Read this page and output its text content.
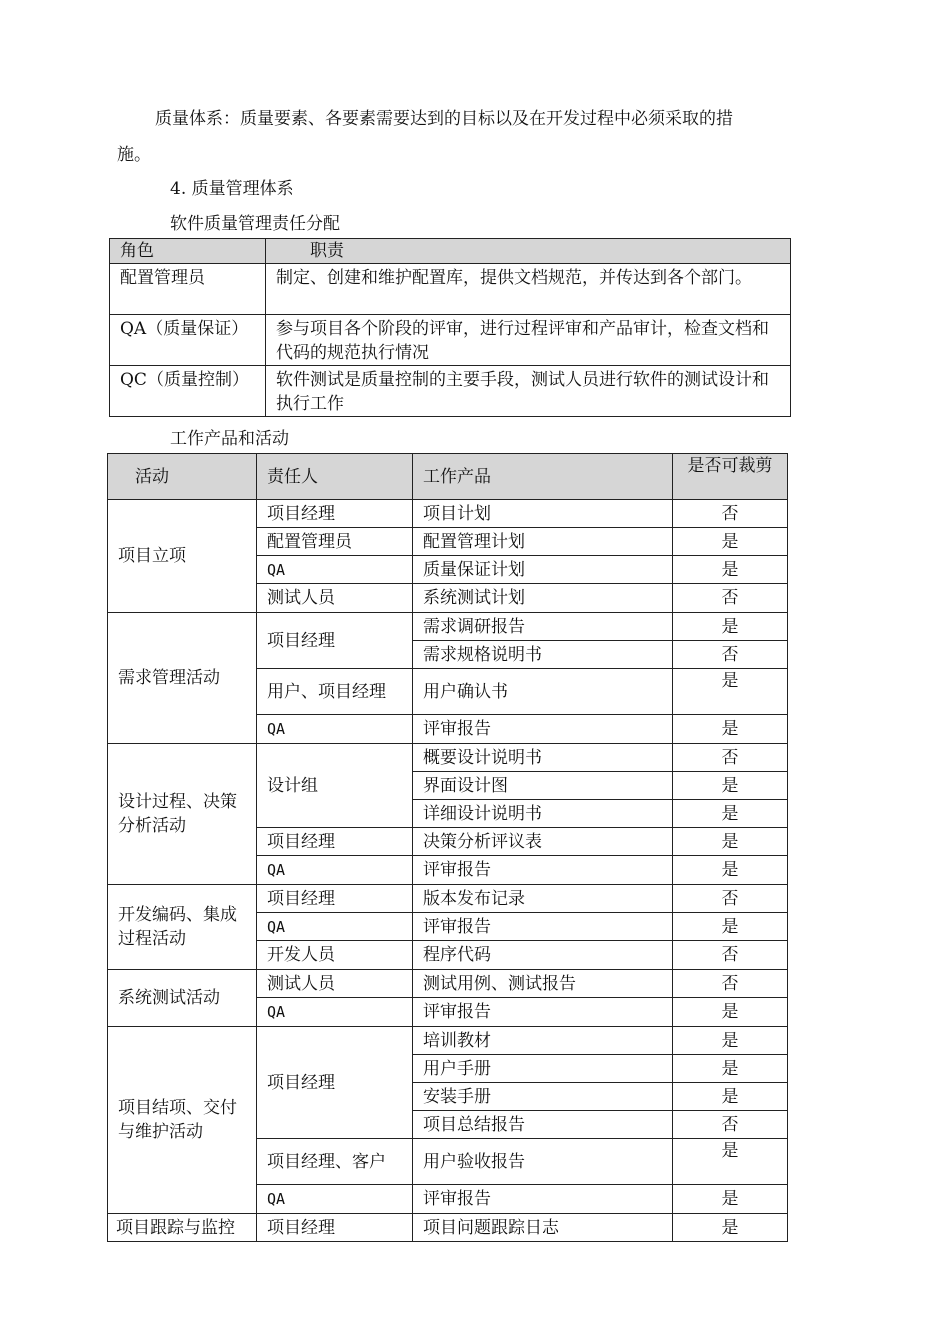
质量体系：质量要素、各要素需要达到的目标以及在开发过程中必须采取的措
施。
4. 质量管理体系
软件质量管理责任分配
角色	职责
配置管理员	制定、创建和维护配置库，提供文档规范，并传达到各个部门。
QA（质量保证）	参与项目各个阶段的评审，进行过程评审和产品审计，检查文档和代码的规范执行情况
QC（质量控制）	软件测试是质量控制的主要手段，测试人员进行软件的测试设计和执行工作
工作产品和活动
活动	责任人	工作产品	是否可裁剪
项目立项	项目经理	项目计划	否
	配置管理员	配置管理计划	是
	QA	质量保证计划	是
	测试人员	系统测试计划	否
需求管理活动	项目经理	需求调研报告	是
		需求规格说明书	否
	用户、项目经理	用户确认书	是
	QA	评审报告	是
设计过程、决策分析活动	设计组	概要设计说明书	否
		界面设计图	是
		详细设计说明书	是
	项目经理	决策分析评议表	是
	QA	评审报告	是
开发编码、集成过程活动	项目经理	版本发布记录	否
	QA	评审报告	是
	开发人员	程序代码	否
系统测试活动	测试人员	测试用例、测试报告	否
	QA	评审报告	是
项目结项、交付与维护活动	项目经理	培训教材	是
		用户手册	是
		安装手册	是
		项目总结报告	否
	项目经理、客户	用户验收报告	是
	QA	评审报告	是
项目跟踪与监控	项目经理	项目问题跟踪日志	是
